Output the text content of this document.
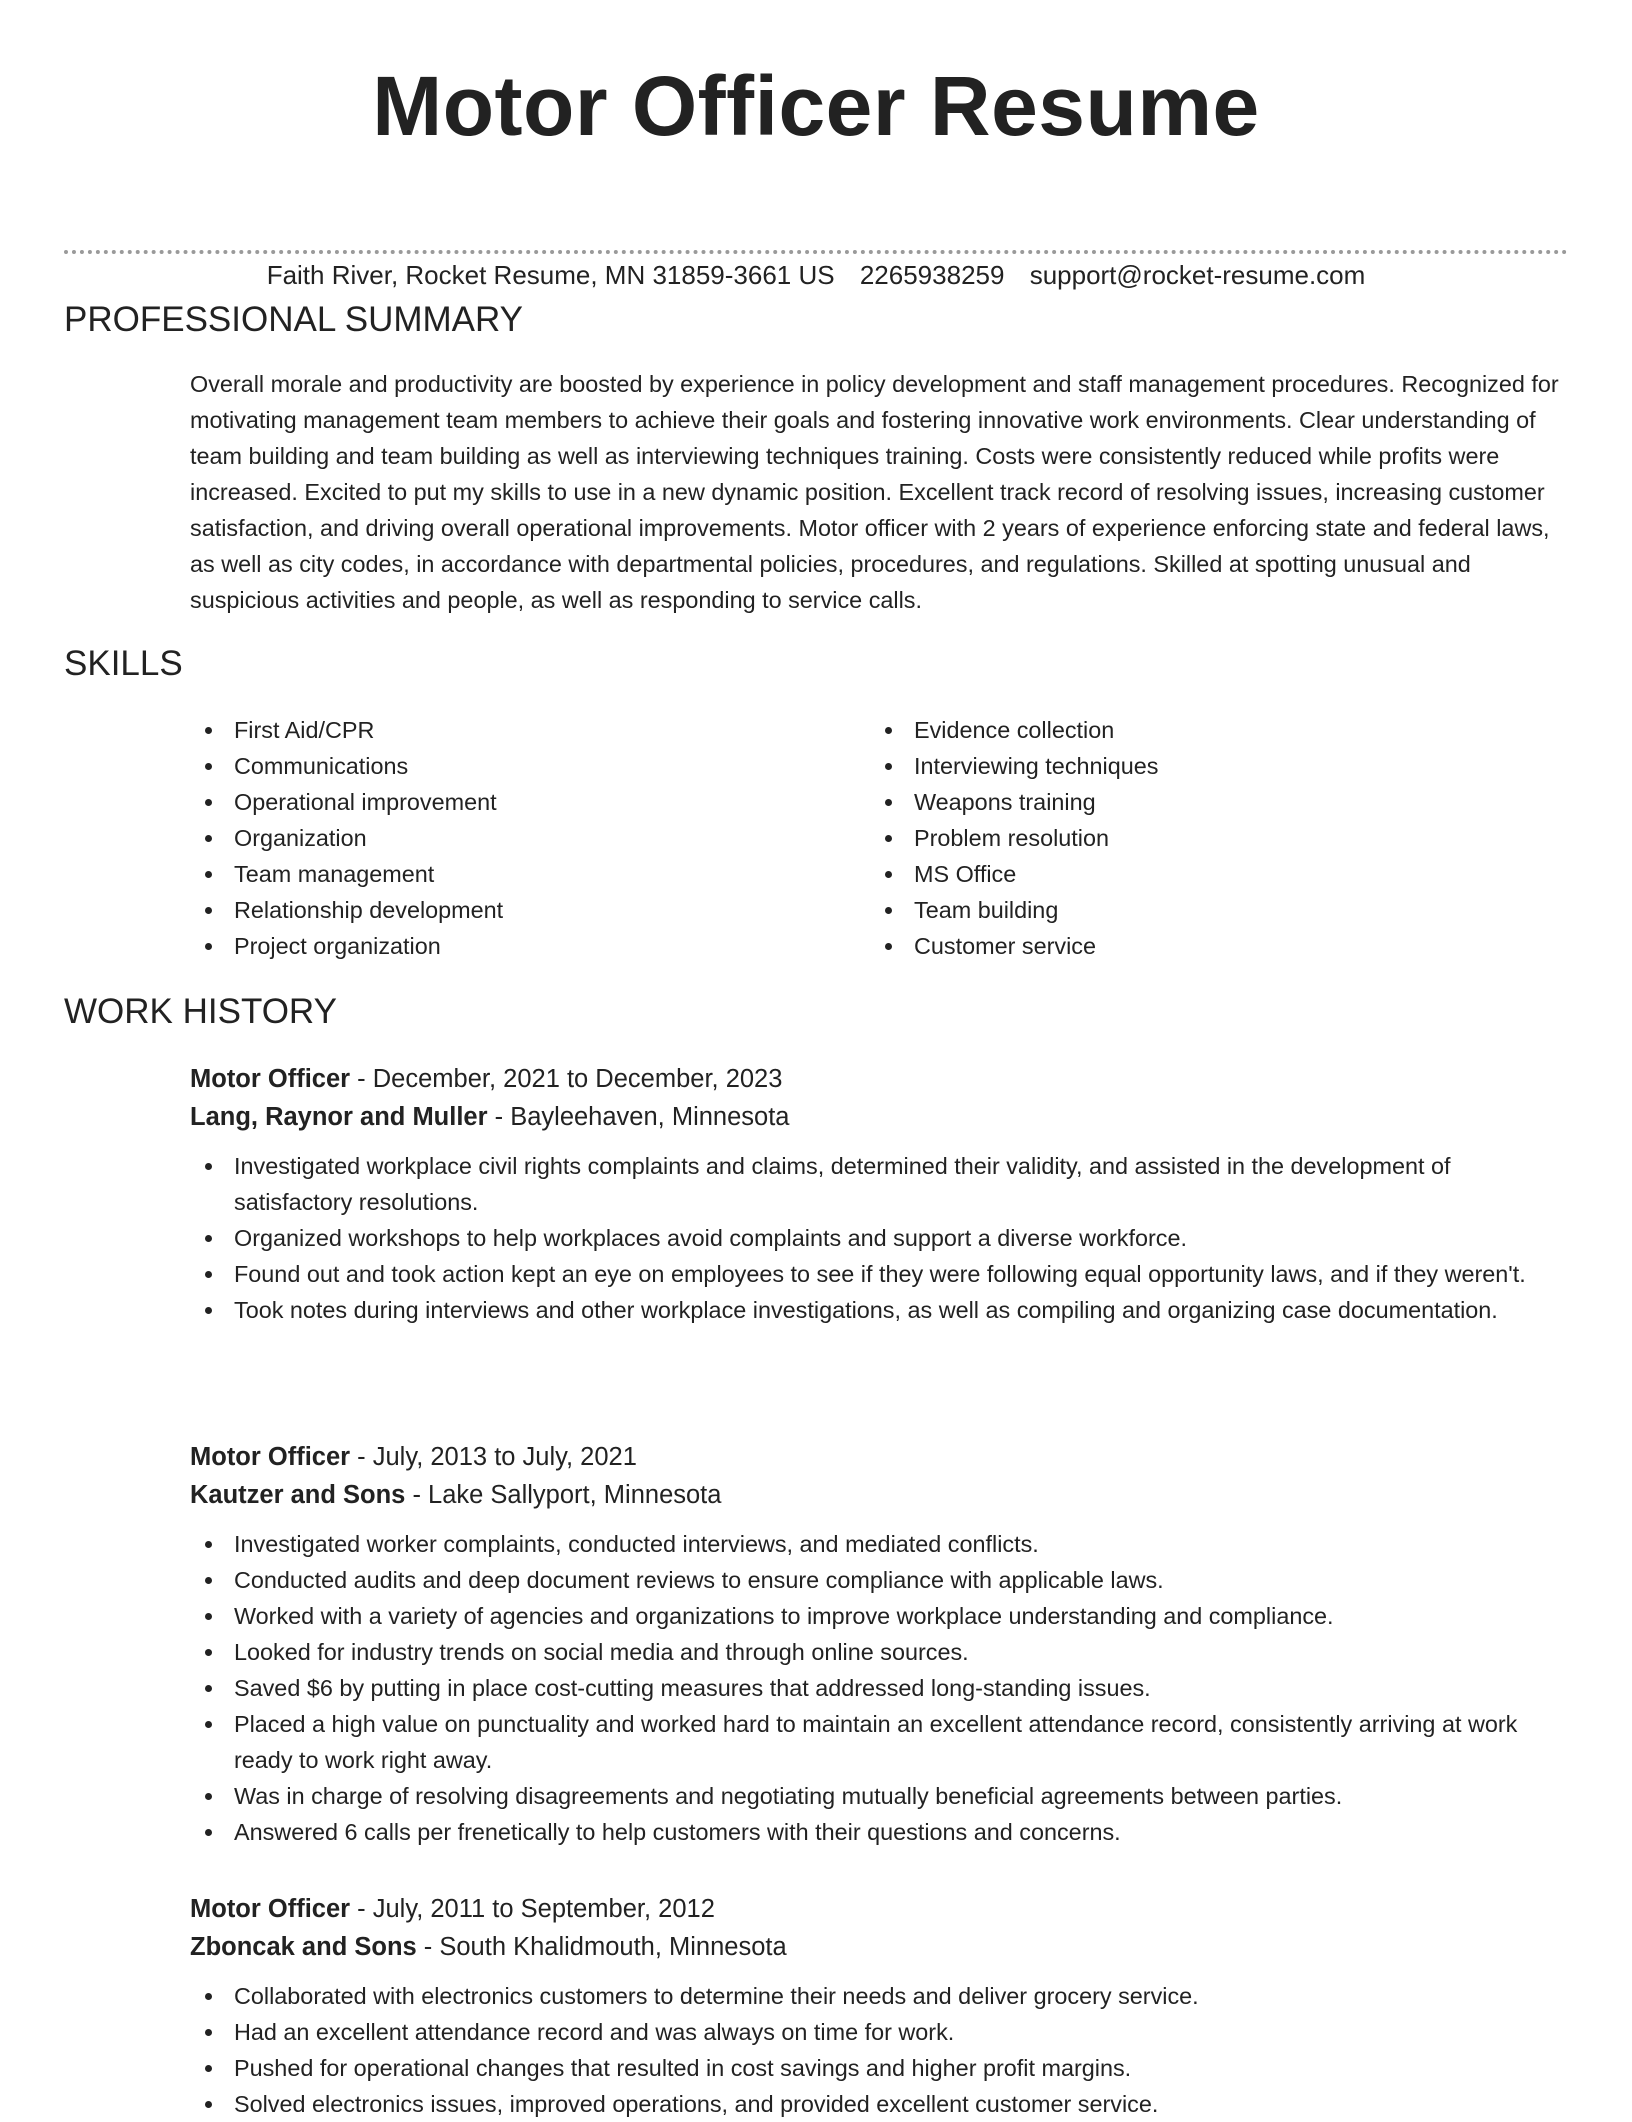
Motor Officer Resume
Faith River, Rocket Resume, MN 31859-3661 US 2265938259 support@rocket-resume.com
PROFESSIONAL SUMMARY

Overall morale and productivity are boosted by experience in policy development and staff management procedures. Recognized for motivating management team members to achieve their goals and fostering innovative work environments. Clear understanding of team building and team building as well as interviewing techniques training. Costs were consistently reduced while profits were increased. Excited to put my skills to use in a new dynamic position. Excellent track record of resolving issues, increasing customer satisfaction, and driving overall operational improvements. Motor officer with 2 years of experience enforcing state and federal laws, as well as city codes, in accordance with departmental policies, procedures, and regulations. Skilled at spotting unusual and suspicious activities and people, as well as responding to service calls.

SKILLS
First Aid/CPR
Communications
Operational improvement
Organization
Team management
Relationship development
Project organization
Evidence collection
Interviewing techniques
Weapons training
Problem resolution
MS Office
Team building
Customer service
WORK HISTORY
Motor Officer - December, 2021 to December, 2023
Lang, Raynor and Muller - Bayleehaven, Minnesota
Investigated workplace civil rights complaints and claims, determined their validity, and assisted in the development of satisfactory resolutions.
Organized workshops to help workplaces avoid complaints and support a diverse workforce.
Found out and took action kept an eye on employees to see if they were following equal opportunity laws, and if they weren't.
Took notes during interviews and other workplace investigations, as well as compiling and organizing case documentation.
Motor Officer - July, 2013 to July, 2021
Kautzer and Sons - Lake Sallyport, Minnesota
Investigated worker complaints, conducted interviews, and mediated conflicts.
Conducted audits and deep document reviews to ensure compliance with applicable laws.
Worked with a variety of agencies and organizations to improve workplace understanding and compliance.
Looked for industry trends on social media and through online sources.
Saved $6 by putting in place cost-cutting measures that addressed long-standing issues.
Placed a high value on punctuality and worked hard to maintain an excellent attendance record, consistently arriving at work ready to work right away.
Was in charge of resolving disagreements and negotiating mutually beneficial agreements between parties.
Answered 6 calls per frenetically to help customers with their questions and concerns.
Motor Officer - July, 2011 to September, 2012
Zboncak and Sons - South Khalidmouth, Minnesota
Collaborated with electronics customers to determine their needs and deliver grocery service.
Had an excellent attendance record and was always on time for work.
Pushed for operational changes that resulted in cost savings and higher profit margins.
Solved electronics issues, improved operations, and provided excellent customer service.
